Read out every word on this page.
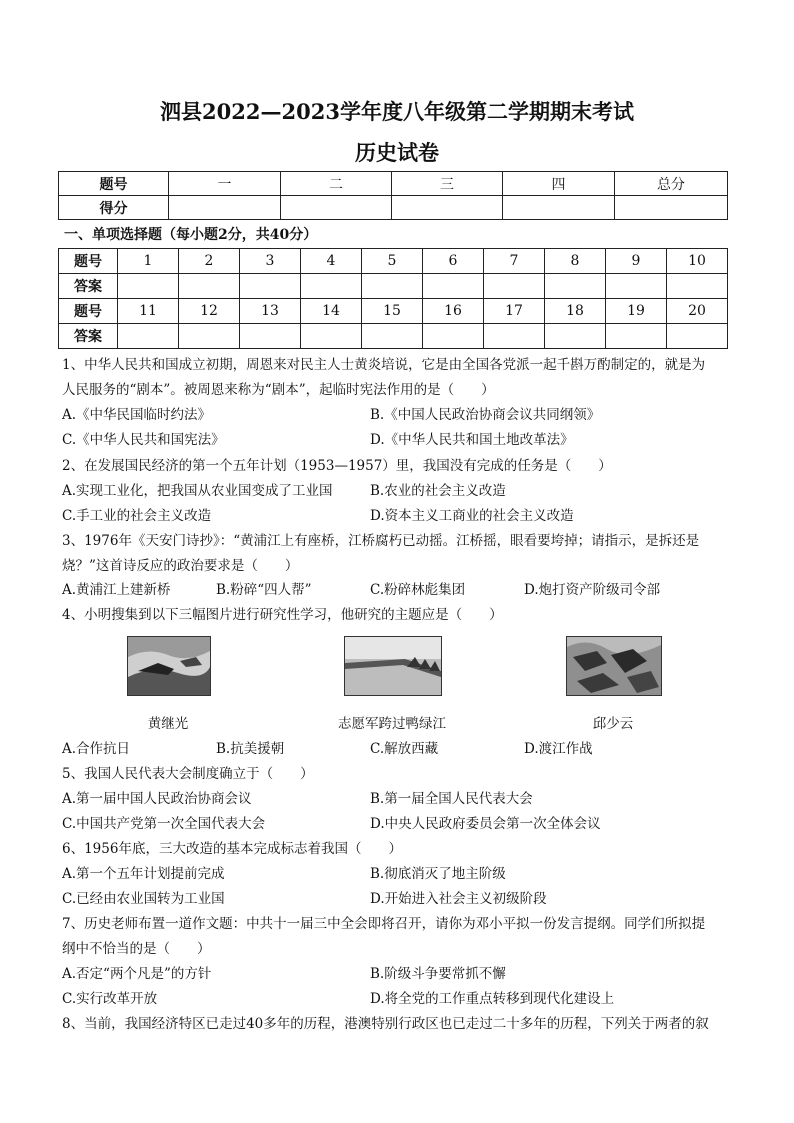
泗县2022—2023学年度八年级第二学期期末考试
历史试卷
题号	一	二	三	四	总分
得分					
一、单项选择题（每小题2分，共40分）
题号	1	2	3	4	5	6	7	8	9	10
答案										
题号	11	12	13	14	15	16	17	18	19	20
答案										
1、中华人民共和国成立初期，周恩来对民主人士黄炎培说，它是由全国各党派一起千斟万酌制定的，就是为
人民服务的“剧本”。被周恩来称为“剧本”，起临时宪法作用的是（　　）
A.《中华民国临时约法》	B.《中国人民政治协商会议共同纲领》
C.《中华人民共和国宪法》	D.《中华人民共和国土地改革法》
2、在发展国民经济的第一个五年计划（1953—1957）里，我国没有完成的任务是（　　）
A.实现工业化，把我国从农业国变成了工业国	B.农业的社会主义改造
C.手工业的社会主义改造	D.资本主义工商业的社会主义改造
3、1976年《天安门诗抄》：“黄浦江上有座桥，江桥腐朽已动摇。江桥摇，眼看要垮掉；请指示，是拆还是
烧？”这首诗反应的政治要求是（　　）
A.黄浦江上建新桥	B.粉碎“四人帮”	C.粉碎林彪集团	D.炮打资产阶级司令部
4、小明搜集到以下三幅图片进行研究性学习，他研究的主题应是（　　）
黄继光	志愿军跨过鸭绿江	邱少云
A.合作抗日	B.抗美援朝	C.解放西藏	D.渡江作战
5、我国人民代表大会制度确立于（　　）
A.第一届中国人民政治协商会议	B.第一届全国人民代表大会
C.中国共产党第一次全国代表大会	D.中央人民政府委员会第一次全体会议
6、1956年底，三大改造的基本完成标志着我国（　　）
A.第一个五年计划提前完成	B.彻底消灭了地主阶级
C.已经由农业国转为工业国	D.开始进入社会主义初级阶段
7、历史老师布置一道作文题：中共十一届三中全会即将召开，请你为邓小平拟一份发言提纲。同学们所拟提
纲中不恰当的是（　　）
A.否定“两个凡是”的方针	B.阶级斗争要常抓不懈
C.实行改革开放	D.将全党的工作重点转移到现代化建设上
8、当前，我国经济特区已走过40多年的历程，港澳特别行政区也已走过二十多年的历程，下列关于两者的叙
